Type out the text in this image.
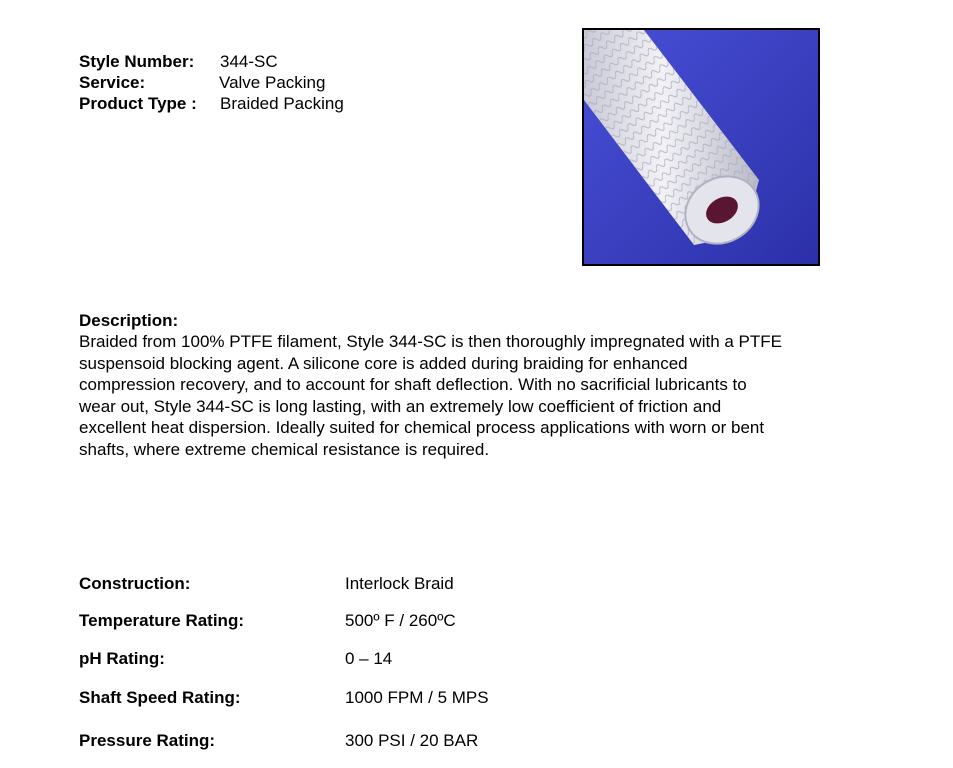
Style Number: 344-SC
Service:	Valve Packing
Product Type : Braided Packing
Description:
Braided from 100% PTFE filament, Style 344-SC is then thoroughly impregnated with a PTFE
suspensoid blocking agent. A silicone core is added during braiding for enhanced
compression recovery, and to account for shaft deflection. With no sacrificial lubricants to
wear out, Style 344-SC is long lasting, with an extremely low coefficient of friction and
excellent heat dispersion. Ideally suited for chemical process applications with worn or bent
shafts, where extreme chemical resistance is required.
Construction:	Interlock Braid
Temperature Rating:	500º F / 260ºC
pH Rating:	0 – 14
Shaft Speed Rating:	1000 FPM / 5 MPS
Pressure Rating:	300 PSI / 20 BAR
